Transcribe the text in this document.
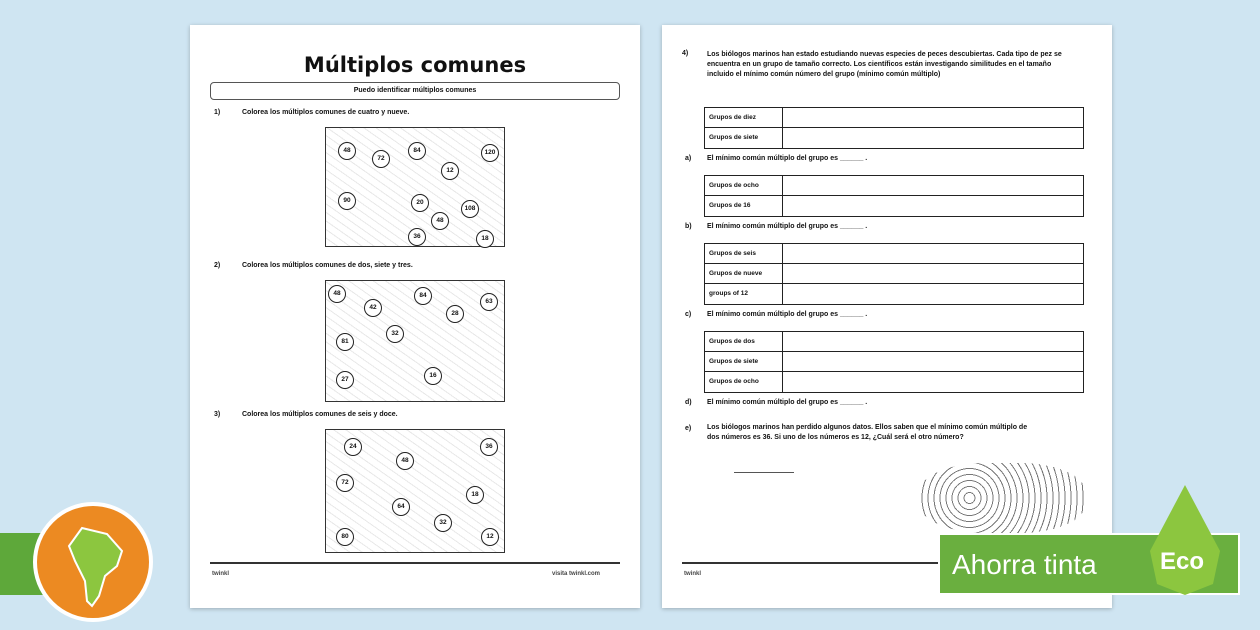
Múltiplos comunes
Puedo identificar múltiplos comunes
1)	Colorea los múltiplos comunes de cuatro y nueve.
48
72
84	120
12
90	20
48
108
36	18
2)	Colorea los múltiplos comunes de dos, siete y tres.
48	84
42
28
63
81
32
16
27
3)	Colorea los múltiplos comunes de seis y doce.
24	36
48
72
18
64
32
80	12
twinkl	visita twinkl.com
4)	Los biólogos marinos han estado estudiando nuevas especies de peces descubiertas. Cada tipo de pez se encuentra en un grupo de tamaño correcto. Los científicos están investigando similitudes en el tamaño incluido el mínimo común número del grupo (mínimo común múltiplo)
Grupos de diez
Grupos de siete
a) El mínimo común múltiplo del grupo es ______ .
Grupos de ocho
Grupos de 16
b) El mínimo común múltiplo del grupo es ______ .
Grupos de seis
Grupos de nueve
groups of 12
c) El mínimo común múltiplo del grupo es ______ .
Grupos de dos
Grupos de siete
Grupos de ocho
d) El mínimo común múltiplo del grupo es ______ .
e) Los biólogos marinos han perdido algunos datos. Ellos saben que el mínimo común múltiplo de dos números es 36. Si uno de los números es 12, ¿Cuál será el otro número?
twinkl	Ahorra tinta	Eco
